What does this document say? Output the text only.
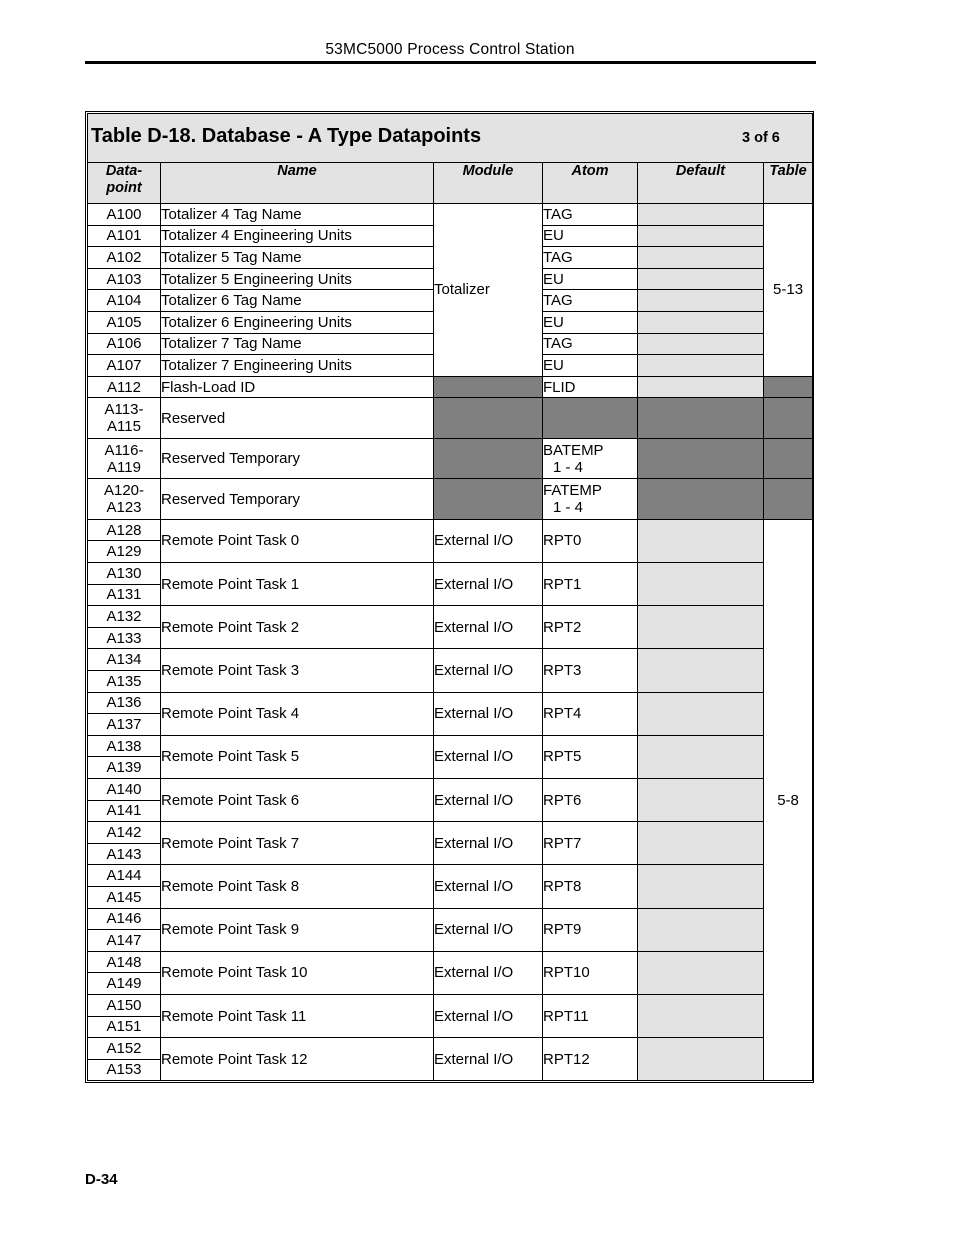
53MC5000 Process Control Station
Table D-18. Database - A Type Datapoints 3 of 6					

Data-
point	Name	Module	Atom	Default	Table
A100	Totalizer 4 Tag Name	Totalizer	TAG		5-13
A101	Totalizer 4 Engineering Units		EU		
A102	Totalizer 5 Tag Name		TAG		
A103	Totalizer 5 Engineering Units		EU		
A104	Totalizer 6 Tag Name		TAG		
A105	Totalizer 6 Engineering Units		EU		
A106	Totalizer 7 Tag Name		TAG		
A107	Totalizer 7 Engineering Units		EU		
A112	Flash-Load ID		FLID		
A113-
A115	Reserved				
A116-
A119	Reserved Temporary		BATEMP
1 - 4		
A120-
A123	Reserved Temporary		FATEMP
1 - 4		
A128	Remote Point Task 0	External I/O	RPT0		5-8
A129					
A130	Remote Point Task 1	External I/O	RPT1		
A131					
A132	Remote Point Task 2	External I/O	RPT2		
A133					
A134	Remote Point Task 3	External I/O	RPT3		
A135					
A136	Remote Point Task 4	External I/O	RPT4		
A137					
A138	Remote Point Task 5	External I/O	RPT5		
A139					
A140	Remote Point Task 6	External I/O	RPT6		
A141					
A142	Remote Point Task 7	External I/O	RPT7		
A143					
A144	Remote Point Task 8	External I/O	RPT8		
A145					
A146	Remote Point Task 9	External I/O	RPT9		
A147					
A148	Remote Point Task 10	External I/O	RPT10		
A149					
A150	Remote Point Task 11	External I/O	RPT11		
A151					
A152	Remote Point Task 12	External I/O	RPT12		
A153					
D-34
